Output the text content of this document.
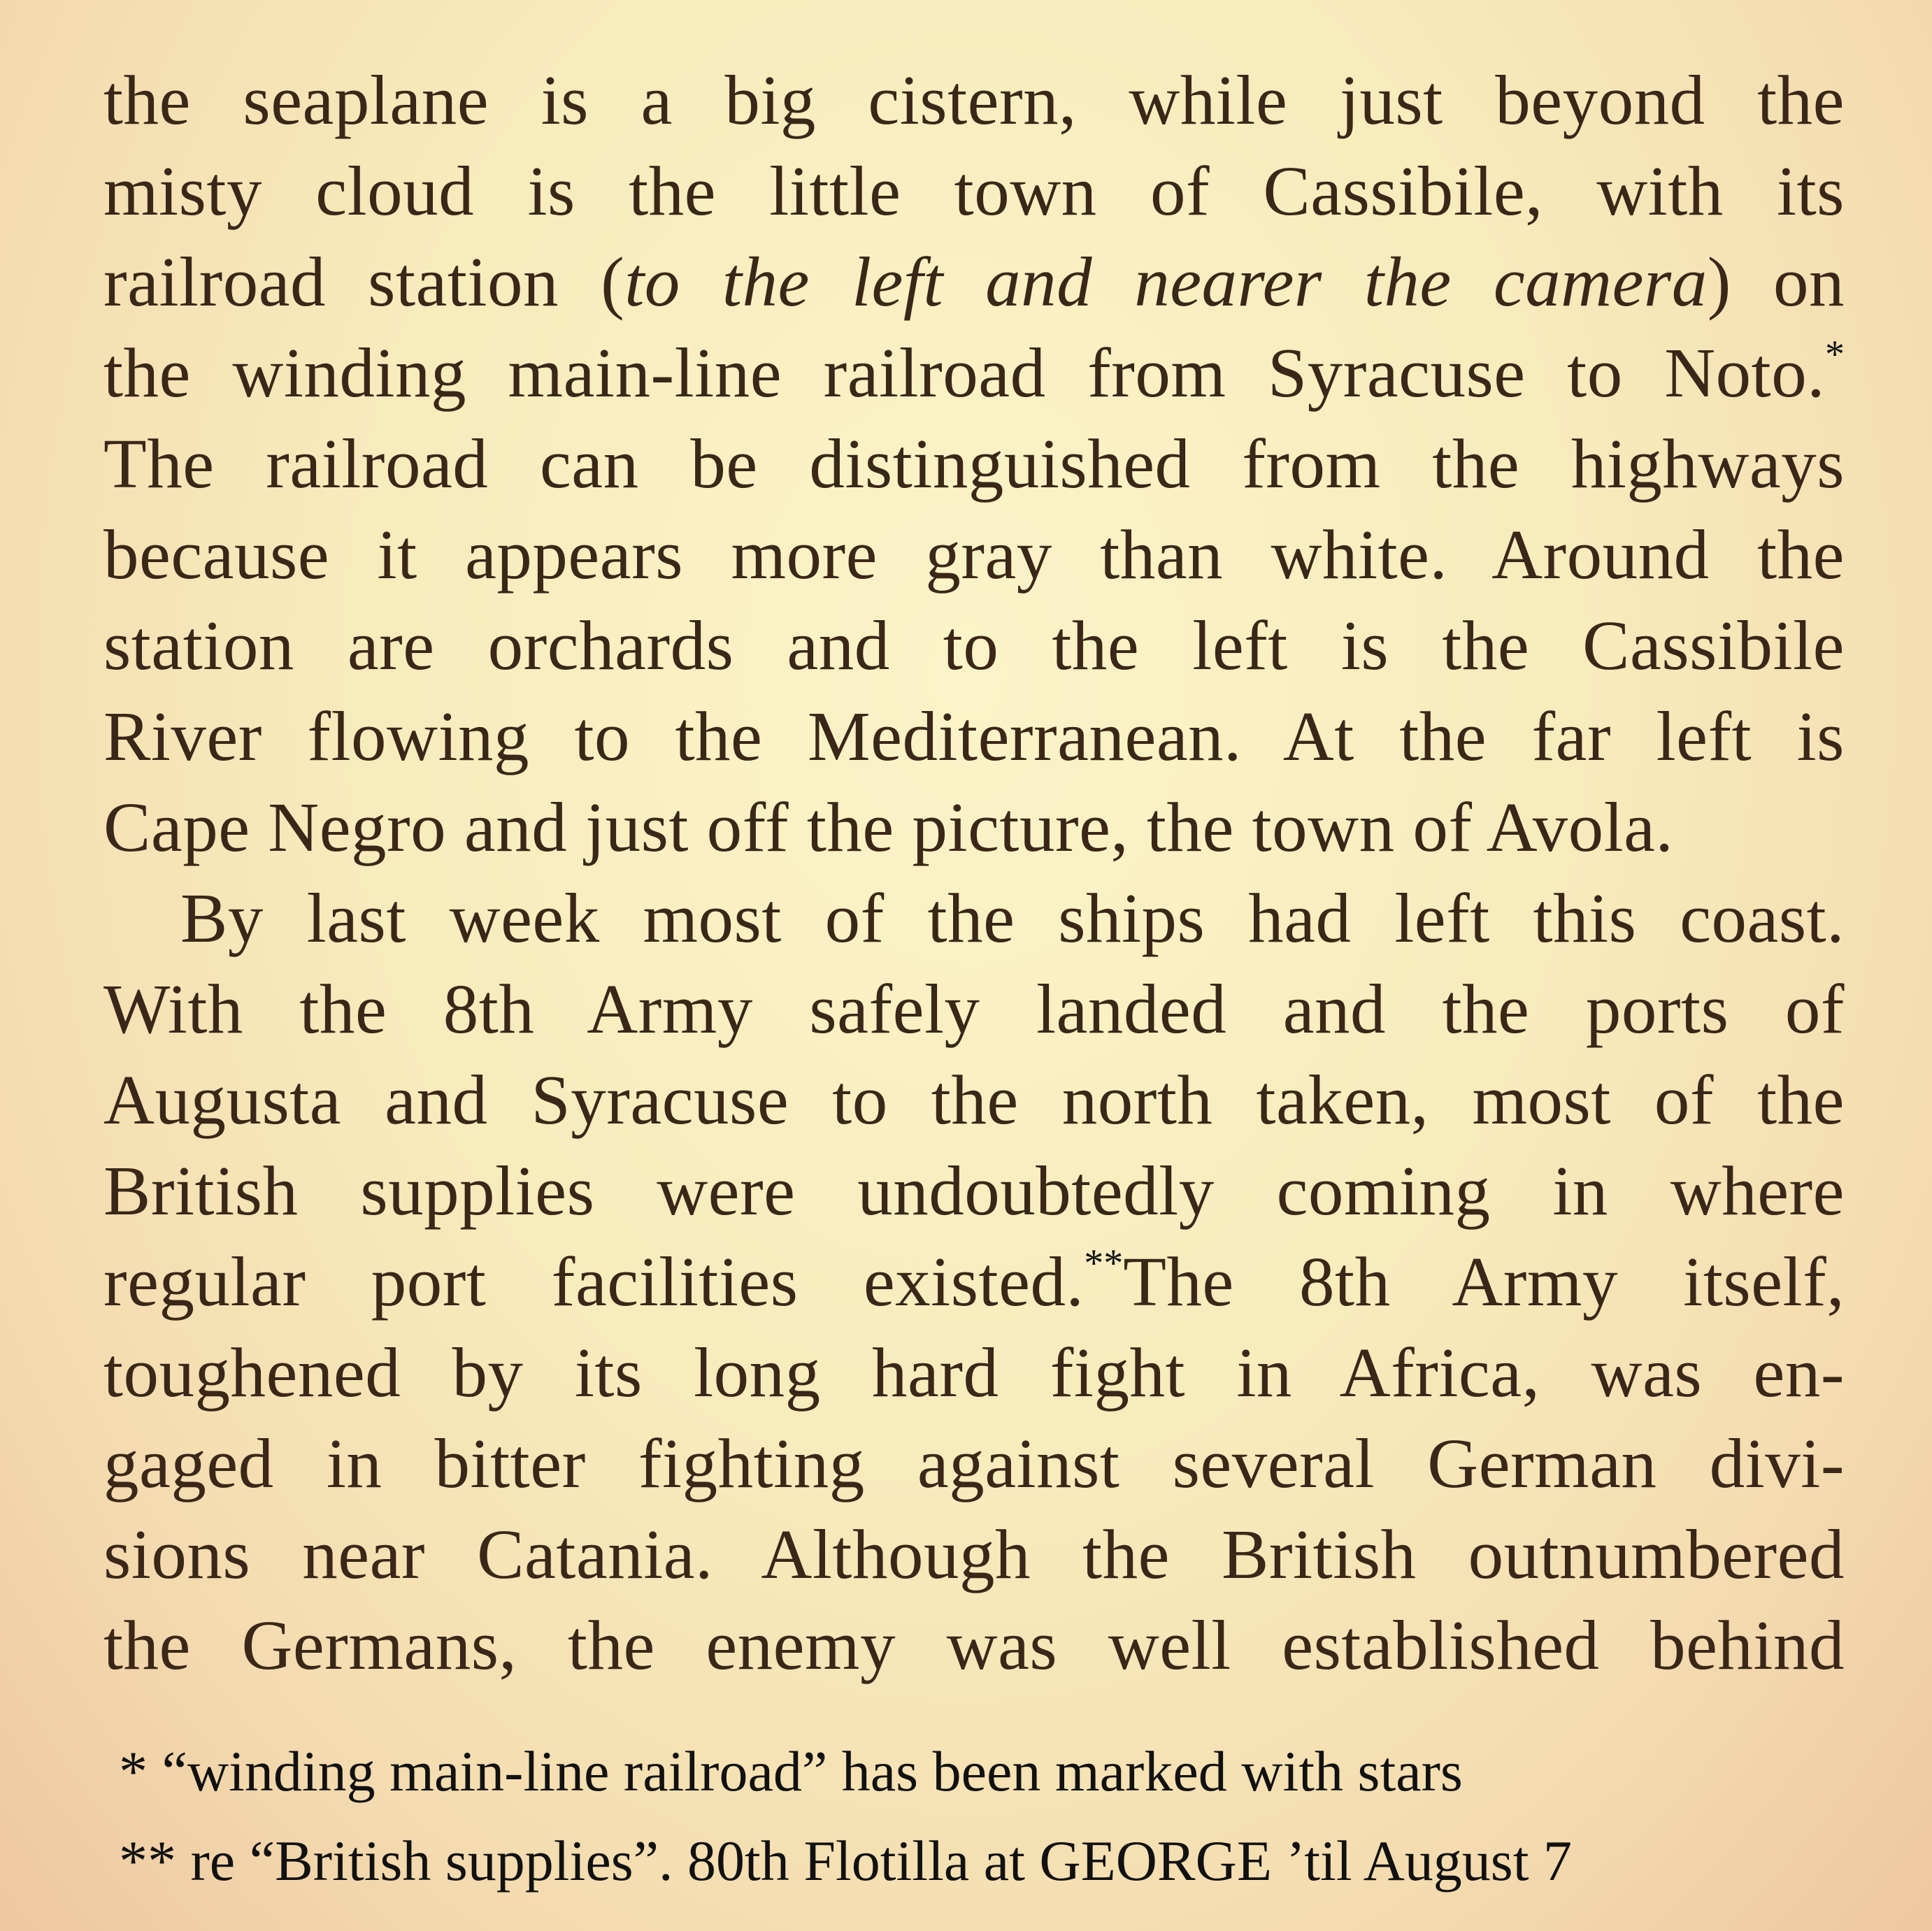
the seaplane is a big cistern, while just beyond the
misty cloud is the little town of Cassibile, with its
railroad station (to the left and nearer the camera) on
the winding main-line railroad from Syracuse to Noto.*
The railroad can be distinguished from the highways
because it appears more gray than white. Around the
station are orchards and to the left is the Cassibile
River flowing to the Mediterranean. At the far left is
Cape Negro and just off the picture, the town of Avola.
By last week most of the ships had left this coast.
With the 8th Army safely landed and the ports of
Augusta and Syracuse to the north taken, most of the
British supplies were undoubtedly coming in where
regular port facilities existed.**The 8th Army itself,
toughened by its long hard fight in Africa, was en-
gaged in bitter fighting against several German divi-
sions near Catania. Although the British outnumbered
the Germans, the enemy was well established behind
* “winding main-line railroad” has been marked with stars
** re “British supplies”. 80th Flotilla at GEORGE ’til August 7
